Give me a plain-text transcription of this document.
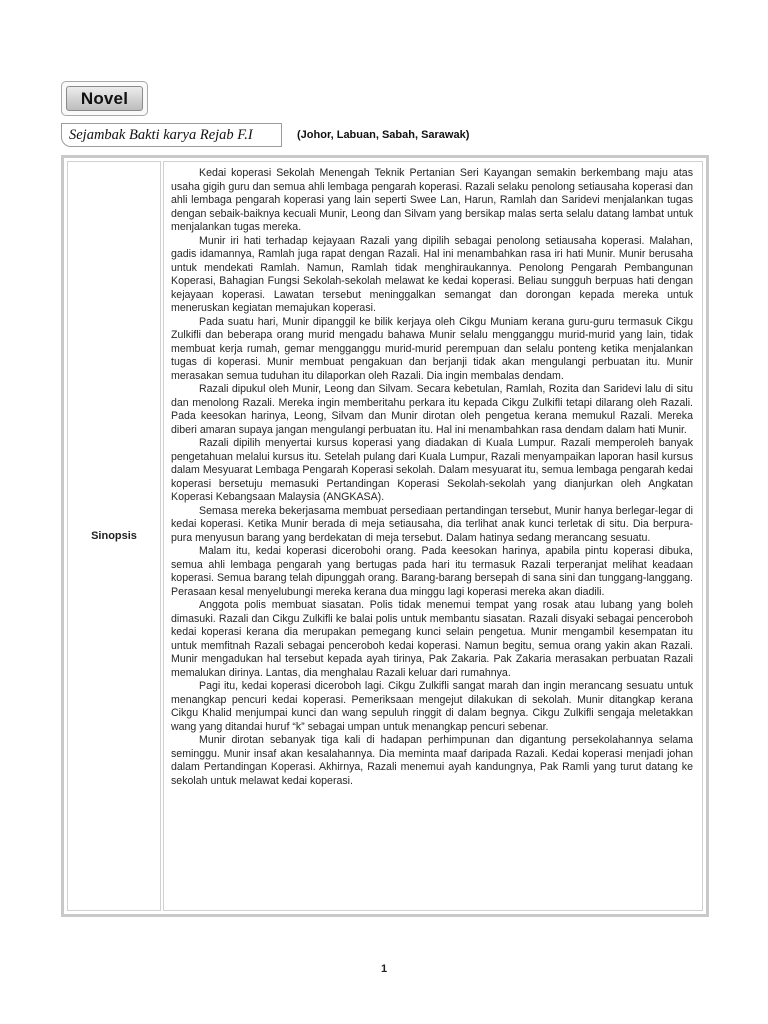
Novel
Sejambak Bakti karya Rejab F.I	(Johor, Labuan, Sabah, Sarawak)
Sinopsis

Kedai koperasi Sekolah Menengah Teknik Pertanian Seri Kayangan semakin berkembang maju atas usaha gigih guru dan semua ahli lembaga pengarah koperasi. Razali selaku penolong setiausaha koperasi dan ahli lembaga pengarah koperasi yang lain seperti Swee Lan, Harun, Ramlah dan Saridevi menjalankan tugas dengan sebaik-baiknya kecuali Munir, Leong dan Silvam yang bersikap malas serta selalu datang lambat untuk menjalankan tugas mereka.

Munir iri hati terhadap kejayaan Razali yang dipilih sebagai penolong setiausaha koperasi. Malahan, gadis idamannya, Ramlah juga rapat dengan Razali. Hal ini menambahkan rasa iri hati Munir. Munir berusaha untuk mendekati Ramlah. Namun, Ramlah tidak menghiraukannya. Penolong Pengarah Pembangunan Koperasi, Bahagian Fungsi Sekolah-sekolah melawat ke kedai koperasi. Beliau sungguh berpuas hati dengan kejayaan koperasi. Lawatan tersebut meninggalkan semangat dan dorongan kepada mereka untuk meneruskan kegiatan memajukan koperasi.

Pada suatu hari, Munir dipanggil ke bilik kerjaya oleh Cikgu Muniam kerana guru-guru termasuk Cikgu Zulkifli dan beberapa orang murid mengadu bahawa Munir selalu mengganggu murid-murid yang lain, tidak membuat kerja rumah, gemar mengganggu murid-murid perempuan dan selalu ponteng ketika menjalankan tugas di koperasi. Munir membuat pengakuan dan berjanji tidak akan mengulangi perbuatan itu. Munir merasakan semua tuduhan itu dilaporkan oleh Razali. Dia ingin membalas dendam.

Razali dipukul oleh Munir, Leong dan Silvam. Secara kebetulan, Ramlah, Rozita dan Saridevi lalu di situ dan menolong Razali. Mereka ingin memberitahu perkara itu kepada Cikgu Zulkifli tetapi dilarang oleh Razali. Pada keesokan harinya, Leong, Silvam dan Munir dirotan oleh pengetua kerana memukul Razali. Mereka diberi amaran supaya jangan mengulangi perbuatan itu. Hal ini menambahkan rasa dendam dalam hati Munir.

Razali dipilih menyertai kursus koperasi yang diadakan di Kuala Lumpur. Razali memperoleh banyak pengetahuan melalui kursus itu. Setelah pulang dari Kuala Lumpur, Razali menyampaikan laporan hasil kursus dalam Mesyuarat Lembaga Pengarah Koperasi sekolah. Dalam mesyuarat itu, semua lembaga pengarah kedai koperasi bersetuju memasuki Pertandingan Koperasi Sekolah-sekolah yang dianjurkan oleh Angkatan Koperasi Kebangsaan Malaysia (ANGKASA).

Semasa mereka bekerjasama membuat persediaan pertandingan tersebut, Munir hanya berlegar-legar di kedai koperasi. Ketika Munir berada di meja setiausaha, dia terlihat anak kunci terletak di situ. Dia berpura-pura menyusun barang yang berdekatan di meja tersebut. Dalam hatinya sedang merancang sesuatu.

Malam itu, kedai koperasi dicerobohi orang. Pada keesokan harinya, apabila pintu koperasi dibuka, semua ahli lembaga pengarah yang bertugas pada hari itu termasuk Razali terperanjat melihat keadaan koperasi. Semua barang telah dipunggah orang. Barang-barang bersepah di sana sini dan tunggang-langgang. Perasaan kesal menyelubungi mereka kerana dua minggu lagi koperasi mereka akan diadili.

Anggota polis membuat siasatan. Polis tidak menemui tempat yang rosak atau lubang yang boleh dimasuki. Razali dan Cikgu Zulkifli ke balai polis untuk membantu siasatan. Razali disyaki sebagai penceroboh kedai koperasi kerana dia merupakan pemegang kunci selain pengetua. Munir mengambil kesempatan itu untuk memfitnah Razali sebagai penceroboh kedai koperasi. Namun begitu, semua orang yakin akan Razali. Munir mengadukan hal tersebut kepada ayah tirinya, Pak Zakaria. Pak Zakaria merasakan perbuatan Razali memalukan dirinya. Lantas, dia menghalau Razali keluar dari rumahnya.

Pagi itu, kedai koperasi diceroboh lagi. Cikgu Zulkifli sangat marah dan ingin merancang sesuatu untuk menangkap pencuri kedai koperasi. Pemeriksaan mengejut dilakukan di sekolah. Munir ditangkap kerana Cikgu Khalid menjumpai kunci dan wang sepuluh ringgit di dalam begnya. Cikgu Zulkifli sengaja meletakkan wang yang ditandai huruf “k” sebagai umpan untuk menangkap pencuri sebenar.

Munir dirotan sebanyak tiga kali di hadapan perhimpunan dan digantung persekolahannya selama seminggu. Munir insaf akan kesalahannya. Dia meminta maaf daripada Razali. Kedai koperasi menjadi johan dalam Pertandingan Koperasi. Akhirnya, Razali menemui ayah kandungnya, Pak Ramli yang turut datang ke sekolah untuk melawat kedai koperasi.

1
